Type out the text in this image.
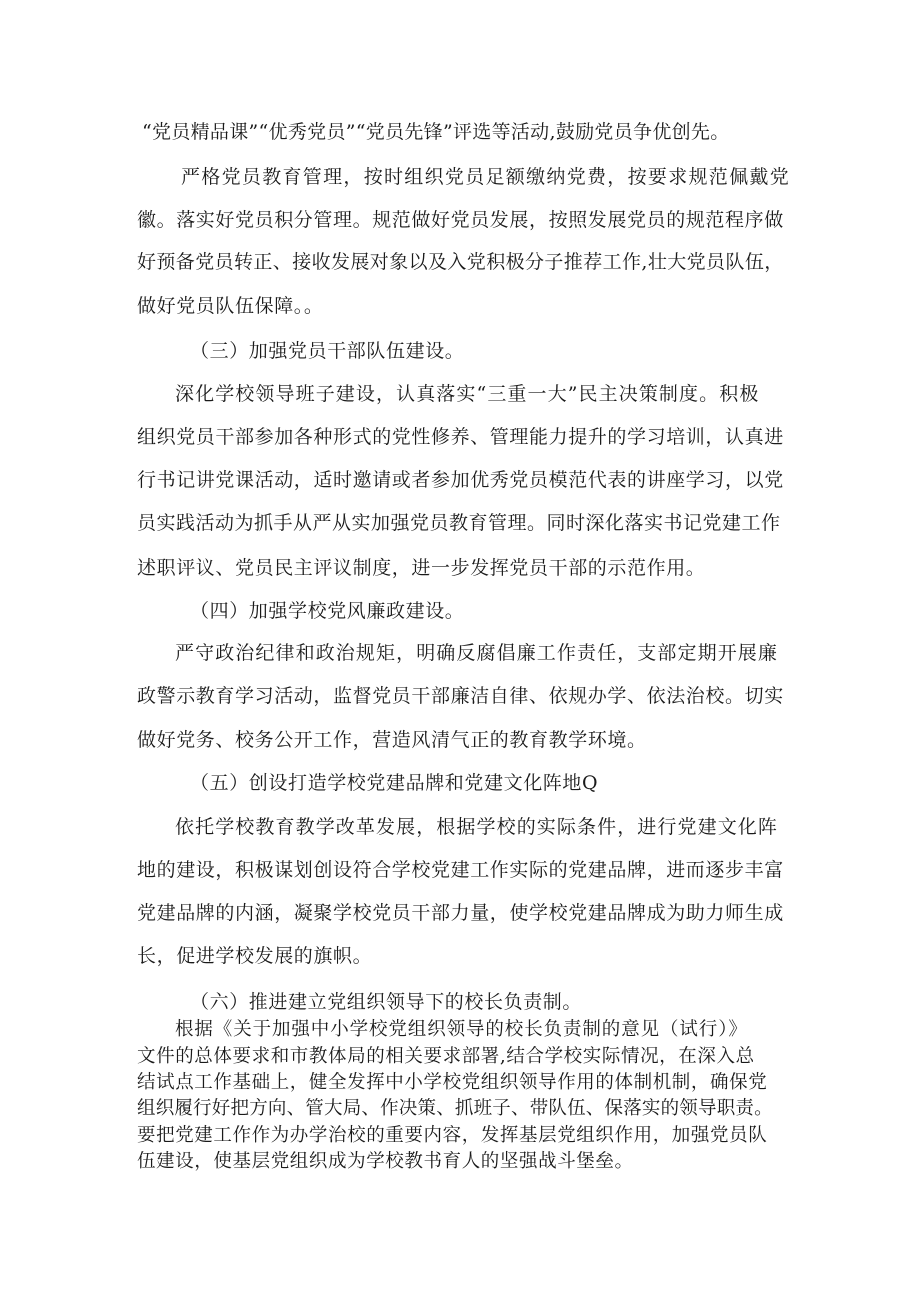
“党员精品课”“优秀党员”“党员先锋”评选等活动,鼓励党员争优创先。
严格党员教育管理，按时组织党员足额缴纳党费，按要求规范佩戴党
徽。落实好党员积分管理。规范做好党员发展，按照发展党员的规范程序做
好预备党员转正、接收发展对象以及入党积极分子推荐工作,壮大党员队伍，
做好党员队伍保障。。
（三）加强党员干部队伍建设。
深化学校领导班子建设，认真落实“三重一大”民主决策制度。积极
组织党员干部参加各种形式的党性修养、管理能力提升的学习培训，认真进
行书记讲党课活动，适时邀请或者参加优秀党员模范代表的讲座学习，以党
员实践活动为抓手从严从实加强党员教育管理。同时深化落实书记党建工作
述职评议、党员民主评议制度，进一步发挥党员干部的示范作用。
（四）加强学校党风廉政建设。
严守政治纪律和政治规矩，明确反腐倡廉工作责任，支部定期开展廉
政警示教育学习活动，监督党员干部廉洁自律、依规办学、依法治校。切实
做好党务、校务公开工作，营造风清气正的教育教学环境。
（五）创设打造学校党建品牌和党建文化阵地Q
依托学校教育教学改革发展，根据学校的实际条件，进行党建文化阵
地的建设，积极谋划创设符合学校党建工作实际的党建品牌，进而逐步丰富
党建品牌的内涵，凝聚学校党员干部力量，使学校党建品牌成为助力师生成
长，促进学校发展的旗帜。
（六）推进建立党组织领导下的校长负责制。
根据《关于加强中小学校党组织领导的校长负责制的意见（试行）》
文件的总体要求和市教体局的相关要求部署,结合学校实际情况，在深入总
结试点工作基础上，健全发挥中小学校党组织领导作用的体制机制，确保党
组织履行好把方向、管大局、作决策、抓班子、带队伍、保落实的领导职责。
要把党建工作作为办学治校的重要内容，发挥基层党组织作用，加强党员队
伍建设，使基层党组织成为学校教书育人的坚强战斗堡垒。
